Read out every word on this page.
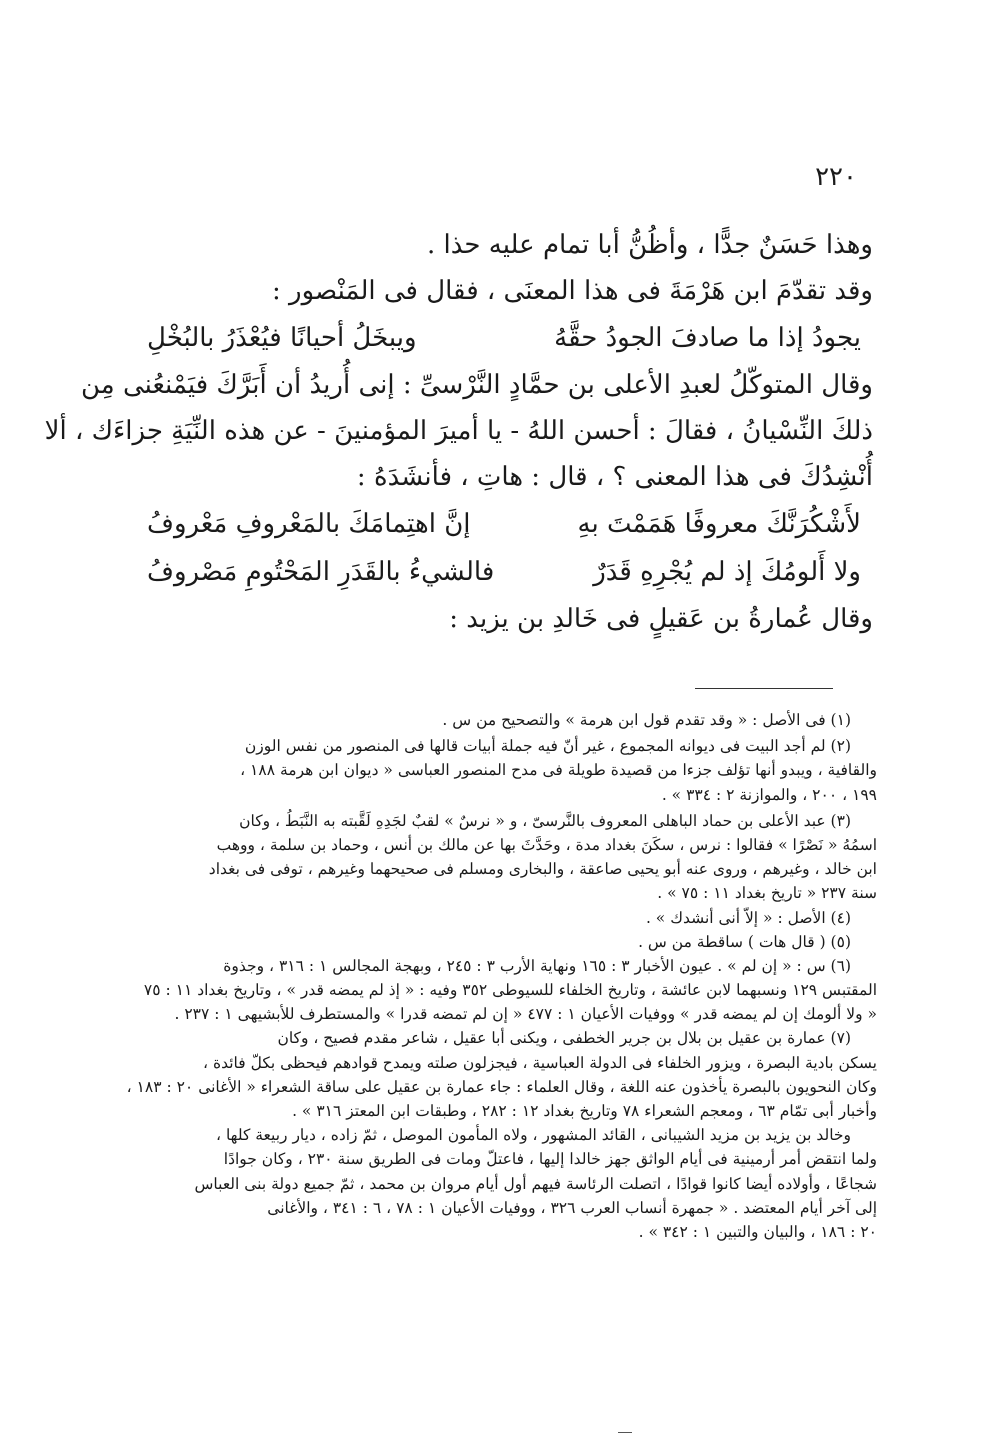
٢٢٠
وهذا حَسَنٌ جدًّا ، وأظُنُّ أبا تمام عليه حذا .
وقد تقدّمَ ابن هَرْمَةَ فى هذا المعنَى ، فقال فى المَنْصور :
يجودُ إذا ما صادفَ الجودُ حقَّهُ
ويبخَلُ أحيانًا فيُعْذَرُ بالبُخْلِ
وقال المتوكّلُ لعبدِ الأعلى بن حمَّادٍ النَّرْسىِّ : إنى أُريدُ أن أَبَرَّكَ فيَمْنعُنى مِن
ذلكَ النِّسْيانُ ، فقالَ : أحسن اللهُ - يا أميرَ المؤمنينَ - عن هذه النِّيَةِ جزاءَك ، ألا
أُنْشِدُكَ فى هذا المعنى ؟ ، قال : هاتِ ، فأنشَدَهُ :
لأَشْكُرَنَّكَ معروفًا هَمَمْتَ بهِ
إنَّ اهتِمامَكَ بالمَعْروفِ مَعْروفُ
ولا أَلومُكَ إذ لم يُجْرِهِ قَدَرٌ
فالشيءُ بالقَدَرِ المَحْتُومِ مَصْروفُ
وقال عُمارةُ بن عَقيلٍ فى خَالدِ بن يزيد :
(١) فى الأصل : « وقد تقدم قول ابن هرمة » والتصحيح من س .
(٢) لم أجد البيت فى ديوانه المجموع ، غير أنّ فيه جملة أبيات قالها فى المنصور من نفس الوزن
والقافية ، ويبدو أنها تؤلف جزءا من قصيدة طويلة فى مدح المنصور العباسى « ديوان ابن هرمة ١٨٨ ،
١٩٩ ، ٢٠٠ ، والموازنة ٢ : ٣٣٤ » .
(٣) عبد الأعلى بن حماد الباهلى المعروف بالنَّرسىّ ، و « نرسٌ » لقبٌ لجَدِهِ لَقَّبته به النَّبَطُ ، وكان
اسمُهُ « نَصْرًا » فقالوا : نرس ، سكَنَ بغداد مدة ، وحَدَّثَ بها عن مالك بن أنس ، وحماد بن سلمة ، ووهب
ابن خالد ، وغيرهم ، وروى عنه أبو يحيى صاعقة ، والبخارى ومسلم فى صحيحهما وغيرهم ، توفى فى بغداد
سنة ٢٣٧ « تاريخ بغداد ١١ : ٧٥ » .
(٤) الأصل : « إلاّ أنى أنشدك » .
(٥) ( قال هات ) ساقطة من س .
(٦) س : « إن لم » . عيون الأخبار ٣ : ١٦٥ ونهاية الأرب ٣ : ٢٤٥ ، وبهجة المجالس ١ : ٣١٦ ، وجذوة
المقتبس ١٢٩ ونسبهما لابن عائشة ، وتاريخ الخلفاء للسيوطى ٣٥٢ وفيه : « إذ لم يمضه قدر » ، وتاريخ بغداد ١١ : ٧٥
« ولا ألومك إن لم يمضه قدر » ووفيات الأعيان ١ : ٤٧٧ « إن لم تمضه قدرا » والمستطرف للأبشيهى ١ : ٢٣٧ .
(٧) عمارة بن عقيل بن بلال بن جرير الخطفى ، ويكنى أبا عقيل ، شاعر مقدم فصيح ، وكان
يسكن بادية البصرة ، ويزور الخلفاء فى الدولة العباسية ، فيجزلون صلته ويمدح قوادهم فيحظى بكلّ فائدة ،
وكان النحويون بالبصرة يأخذون عنه اللغة ، وقال العلماء : جاء عمارة بن عقيل على ساقة الشعراء « الأغانى ٢٠ : ١٨٣ ،
وأخبار أبى تمّام ٦٣ ، ومعجم الشعراء ٧٨ وتاريخ بغداد ١٢ : ٢٨٢ ، وطبقات ابن المعتز ٣١٦ » .
وخالد بن يزيد بن مزيد الشيبانى ، القائد المشهور ، ولاه المأمون الموصل ، ثمّ زاده ، ديار ربيعة كلها ،
ولما انتقض أمر أرمينية فى أيام الواثق جهز خالدا إليها ، فاعتلّ ومات فى الطريق سنة ٢٣٠ ، وكان جوادًا
شجاعًا ، وأولاده أيضا كانوا قوادًا ، اتصلت الرئاسة فيهم أول أيام مروان بن محمد ، ثمّ جميع دولة بنى العباس
إلى آخر أيام المعتضد . « جمهرة أنساب العرب ٣٢٦ ، ووفيات الأعيان ١ : ٧٨ ، ٦ : ٣٤١ ، والأغانى
٢٠ : ١٨٦ ، والبيان والتبين ١ : ٣٤٢ » .
